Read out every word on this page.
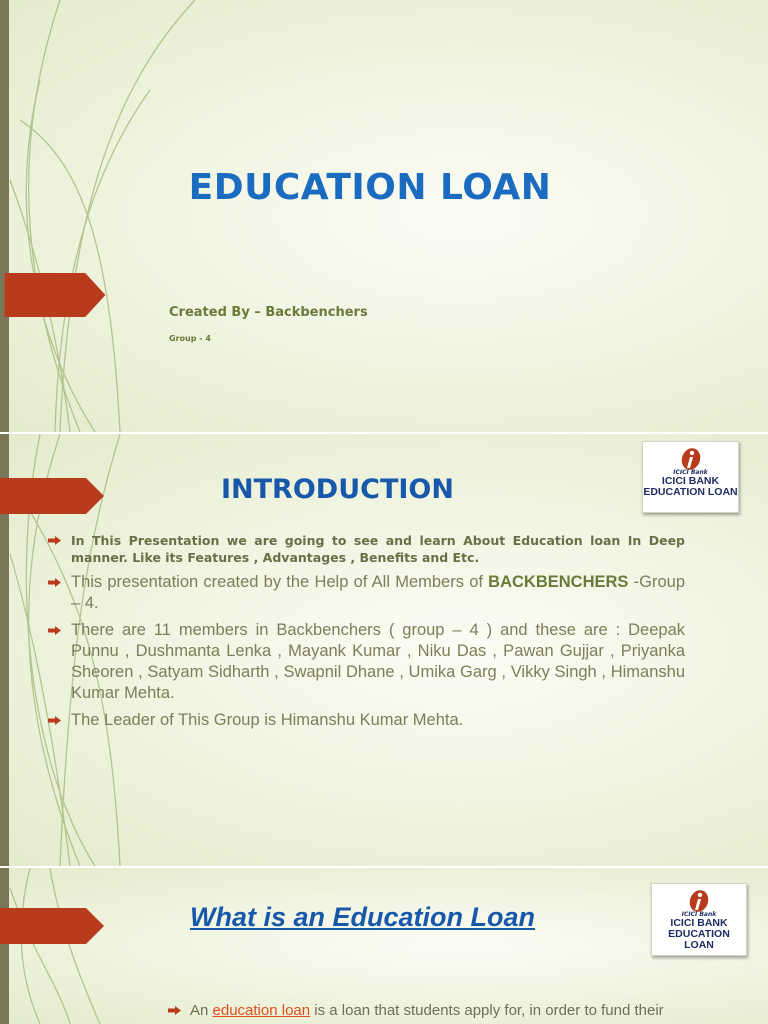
EDUCATION LOAN
Created By – Backbenchers
Group - 4
INTRODUCTION
ICICI Bank
ICICI BANK
EDUCATION LOAN
In This Presentation we are going to see and learn About Education loan In Deep manner. Like its Features , Advantages , Benefits and Etc.
This presentation created by the Help of All Members of BACKBENCHERS -Group – 4.
There are 11 members in Backbenchers ( group – 4 ) and these are : Deepak Punnu , Dushmanta Lenka , Mayank Kumar , Niku Das , Pawan Gujjar , Priyanka Sheoren , Satyam Sidharth , Swapnil Dhane , Umika Garg , Vikky Singh , Himanshu Kumar Mehta.
The Leader of This Group is Himanshu Kumar Mehta.
What is an Education Loan	ICICI Bank
ICICI BANK
EDUCATION LOAN
An education loan is a loan that students apply for, in order to fund their
